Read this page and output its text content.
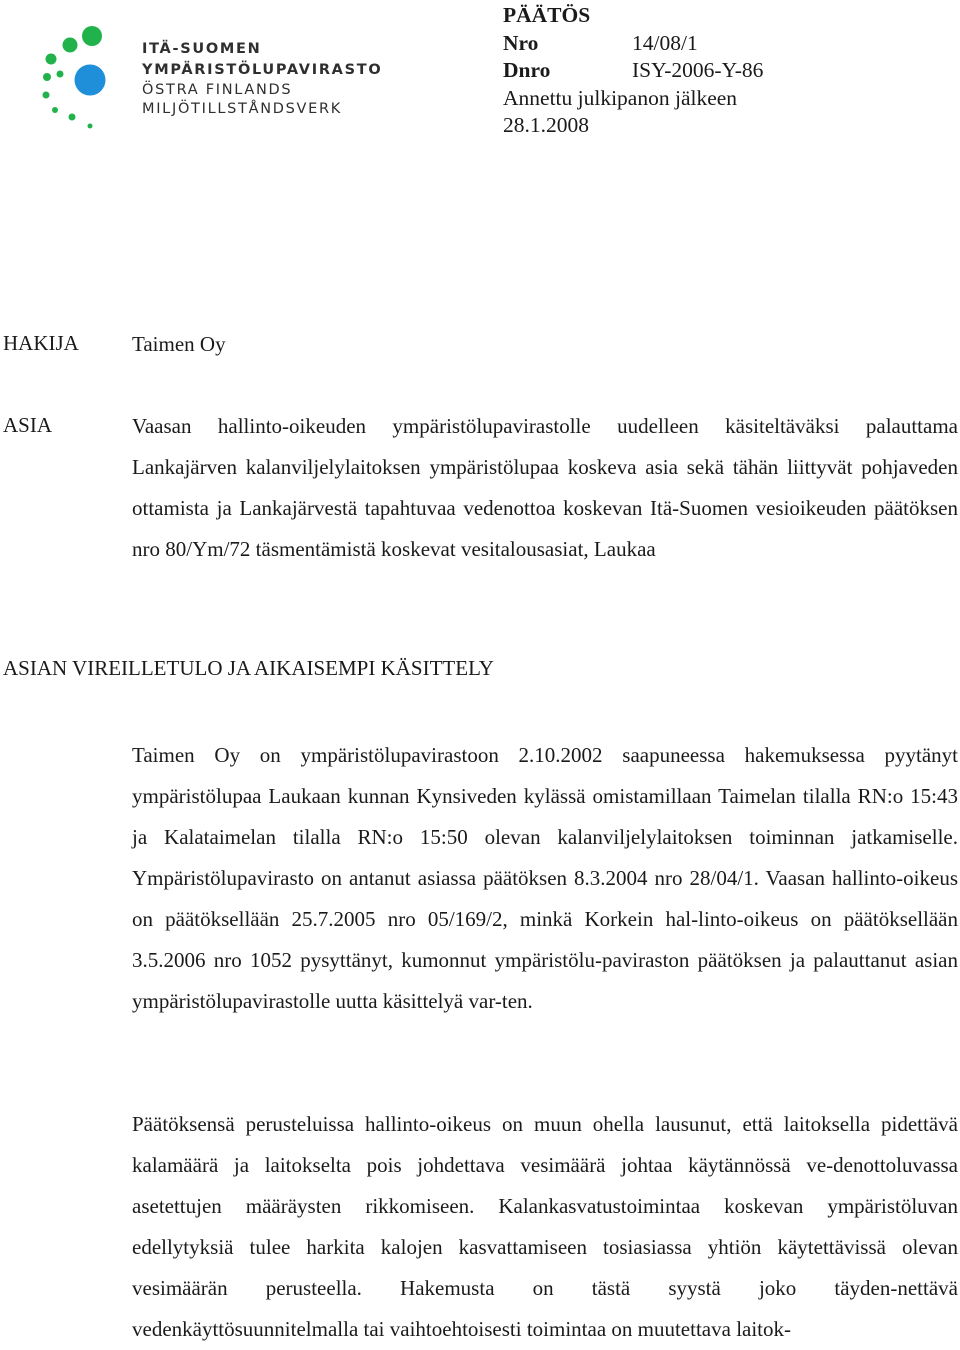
ITÄ-SUOMEN
YMPÄRISTÖLUPAVIRASTO
ÖSTRA FINLANDS
MILJÖTILLSTÅNDSVERK
PÄÄTÖS
Nro	14/08/1
Dnro	ISY-2006-Y-86
Annettu julkipanon jälkeen
28.1.2008
HAKIJA	Taimen Oy
ASIA	Vaasan hallinto-oikeuden ympäristölupavirastolle uudelleen käsiteltäväksi palauttama Lankajärven kalanviljelylaitoksen ympäristölupaa koskeva asia sekä tähän liittyvät pohjaveden ottamista ja Lankajärvestä tapahtuvaa vedenottoa koskevan Itä-Suomen vesioikeuden päätöksen nro 80/Ym/72 täsmentämistä koskevat vesitalousasiat, Laukaa

ASIAN VIREILLETULO JA AIKAISEMPI KÄSITTELY

Taimen Oy on ympäristölupavirastoon 2.10.2002 saapuneessa hakemuksessa pyytänyt ympäristölupaa Laukaan kunnan Kynsiveden kylässä omistamillaan Taimelan tilalla RN:o 15:43 ja Kalataimelan tilalla RN:o 15:50 olevan kalanviljelylaitoksen toiminnan jatkamiselle. Ympäristölupavirasto on antanut asiassa päätöksen 8.3.2004 nro 28/04/1. Vaasan hallinto-oikeus on päätöksellään 25.7.2005 nro 05/169/2, minkä Korkein hal-linto-oikeus on päätöksellään 3.5.2006 nro 1052 pysyttänyt, kumonnut ympäristölu-paviraston päätöksen ja palauttanut asian ympäristölupavirastolle uutta käsittelyä var-ten.

Päätöksensä perusteluissa hallinto-oikeus on muun ohella lausunut, että laitoksella pidettävä kalamäärä ja laitokselta pois johdettava vesimäärä johtaa käytännössä ve-denottoluvassa asetettujen määräysten rikkomiseen. Kalankasvatustoimintaa koskevan ympäristöluvan edellytyksiä tulee harkita kalojen kasvattamiseen tosiasiassa yhtiön käytettävissä olevan vesimäärän perusteella. Hakemusta on tästä syystä joko täyden-nettävä vedenkäyttösuunnitelmalla tai vaihtoehtoisesti toimintaa on muutettava laitok-
